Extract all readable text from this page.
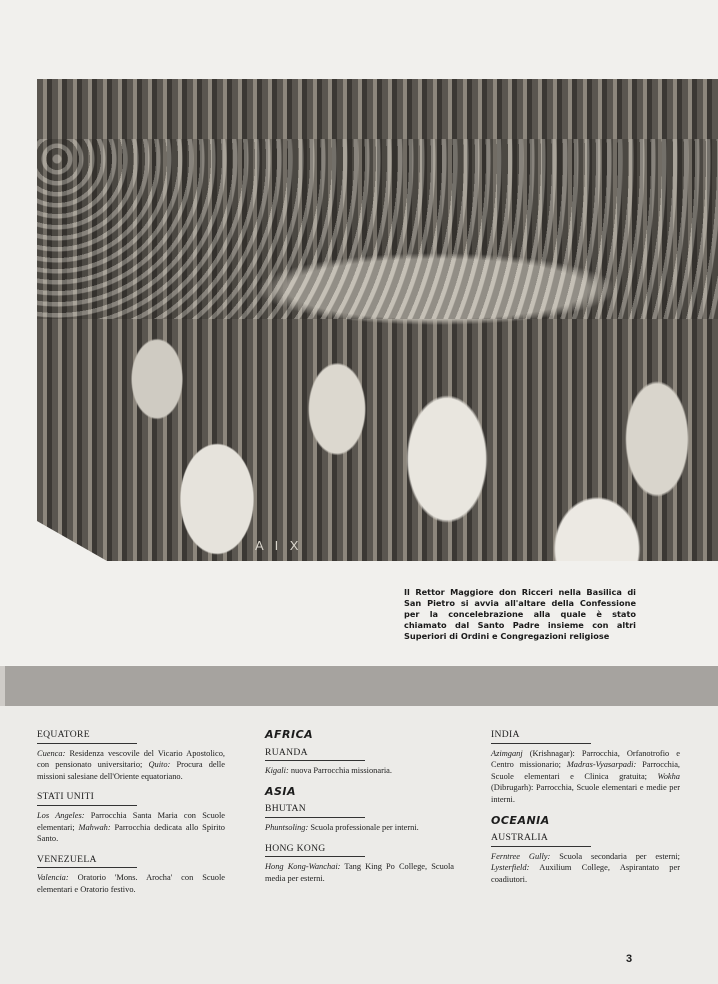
A I X
Il Rettor Maggiore don Ricceri nella Basilica di San Pietro si avvia all'altare della Confessione per la concelebrazione alla quale è stato chiamato dal Santo Padre insieme con altri Superiori di Ordini e Congregazioni religiose
EQUATORE
Cuenca: Residenza vescovile del Vicario Apostolico, con pensionato universitario; Quito: Procura delle missioni salesiane dell'Oriente equatoriano.
STATI UNITI
Los Angeles: Parrocchia Santa Maria con Scuole elementari; Mahwah: Parrocchia dedicata allo Spirito Santo.
VENEZUELA
Valencia: Oratorio 'Mons. Arocha' con Scuole elementari e Oratorio festivo.
AFRICA
RUANDA
Kigali: nuova Parrocchia missionaria.
ASIA
BHUTAN
Phuntsoling: Scuola professionale per interni.
HONG KONG
Hong Kong-Wanchai: Tang King Po College, Scuola media per esterni.
INDIA
Azimganj (Krishnagar): Parrocchia, Orfanotrofio e Centro missionario; Madras-Vyasarpadi: Parrocchia, Scuole elementari e Clinica gratuita; Wokha (Dibrugarh): Parrocchia, Scuole elementari e medie per interni.
OCEANIA
AUSTRALIA
Ferntree Gully: Scuola secondaria per esterni; Lysterfield: Auxilium College, Aspirantato per coadiutori.
3
